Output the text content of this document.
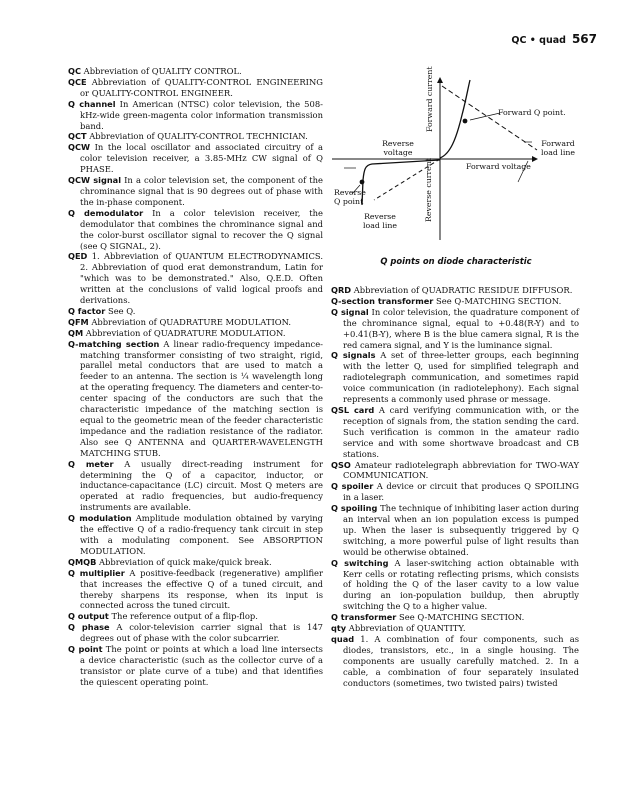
QC • quad 567

QC Abbreviation of QUALITY CONTROL.

QCE Abbreviation of QUALITY-CONTROL ENGINEERING or QUALITY-CONTROL ENGINEER.

Q channel In American (NTSC) color television, the 508-kHz-wide green-magenta color information transmission band.

QCT Abbreviation of QUALITY-CONTROL TECHNICIAN.

QCW In the local oscillator and associated circuitry of a color television receiver, a 3.85-MHz CW signal of Q PHASE.

QCW signal In a color television set, the component of the chrominance signal that is 90 degrees out of phase with the in-phase component.

Q demodulator In a color television receiver, the demodulator that combines the chrominance signal and the color-burst oscillator signal to recover the Q signal (see Q SIGNAL, 2).

QED 1. Abbreviation of QUANTUM ELECTRODYNAMICS. 2. Abbreviation of quod erat demonstrandum, Latin for "which was to be demonstrated." Also, Q.E.D. Often written at the conclusions of valid logical proofs and derivations.

Q factor See Q.

QFM Abbreviation of QUADRATURE MODULATION.

QM Abbreviation of QUADRATURE MODULATION.

Q-matching section A linear radio-frequency impedance-matching transformer consisting of two straight, rigid, parallel metal conductors that are used to match a feeder to an antenna. The section is ¼ wavelength long at the operating frequency. The diameters and center-to-center spacing of the conductors are such that the characteristic impedance of the matching section is equal to the geometric mean of the feeder characteristic impedance and the radiation resistance of the radiator. Also see Q ANTENNA and QUARTER-WAVELENGTH MATCHING STUB.

Q meter A usually direct-reading instrument for determining the Q of a capacitor, inductor, or inductance-capacitance (LC) circuit. Most Q meters are operated at radio frequencies, but audio-frequency instruments are available.

Q modulation Amplitude modulation obtained by varying the effective Q of a radio-frequency tank circuit in step with a modulating component. See ABSORPTION MODULATION.

QMQB Abbreviation of quick make/quick break.

Q multiplier A positive-feedback (regenerative) amplifier that increases the effective Q of a tuned circuit, and thereby sharpens its response, when its input is connected across the tuned circuit.

Q output The reference output of a flip-flop.

Q phase A color-television carrier signal that is 147 degrees out of phase with the color subcarrier.

Q point The point or points at which a load line intersects a device characteristic (such as the collector curve of a transistor or plate curve of a tube) and that identifies the quiescent operating point.

Forward current	Forward Q point.
Reverse voltage
Forward load line
Forward voltage
Reverse Q point
Reverse load line
Reverse current
Q points on diode characteristic

QRD Abbreviation of QUADRATIC RESIDUE DIFFUSOR.

Q-section transformer See Q-MATCHING SECTION.

Q signal In color television, the quadrature component of the chrominance signal, equal to +0.48(R-Y) and to +0.41(B-Y), where B is the blue camera signal, R is the red camera signal, and Y is the luminance signal.

Q signals A set of three-letter groups, each beginning with the letter Q, used for simplified telegraph and radiotelegraph communication, and sometimes rapid voice communication (in radiotelephony). Each signal represents a commonly used phrase or message.

QSL card A card verifying communication with, or the reception of signals from, the station sending the card. Such verification is common in the amateur radio service and with some shortwave broadcast and CB stations.

QSO Amateur radiotelegraph abbreviation for TWO-WAY COMMUNICATION.

Q spoiler A device or circuit that produces Q SPOILING in a laser.

Q spoiling The technique of inhibiting laser action during an interval when an ion population excess is pumped up. When the laser is subsequently triggered by Q switching, a more powerful pulse of light results than would be otherwise obtained.

Q switching A laser-switching action obtainable with Kerr cells or rotating reflecting prisms, which consists of holding the Q of the laser cavity to a low value during an ion-population buildup, then abruptly switching the Q to a higher value.

Q transformer See Q-MATCHING SECTION.

qty Abbreviation of QUANTITY.

quad 1. A combination of four components, such as diodes, transistors, etc., in a single housing. The components are usually carefully matched. 2. In a cable, a combination of four separately insulated conductors (sometimes, two twisted pairs) twisted
